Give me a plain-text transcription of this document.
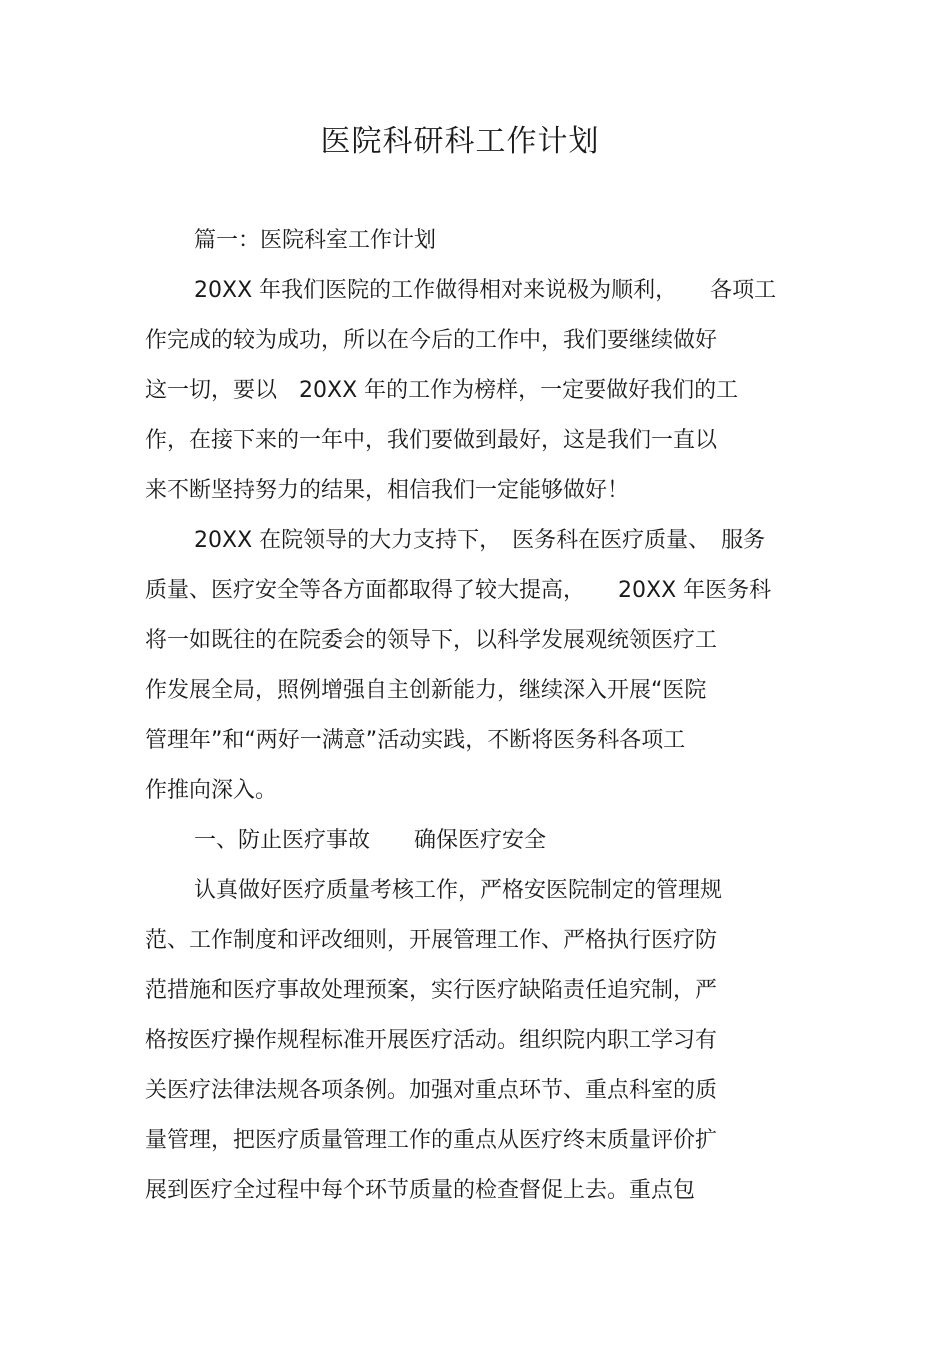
医院科研科工作计划

篇一：医院科室工作计划

20XX 年我们医院的工作做得相对来说极为顺利，　　各项工

作完成的较为成功，所以在今后的工作中，我们要继续做好

这一切，要以　20XX 年的工作为榜样，一定要做好我们的工

作，在接下来的一年中，我们要做到最好，这是我们一直以

来不断坚持努力的结果，相信我们一定能够做好！

20XX 在院领导的大力支持下，　医务科在医疗质量、　服务

质量、医疗安全等各方面都取得了较大提高，　　20XX 年医务科

将一如既往的在院委会的领导下，以科学发展观统领医疗工

作发展全局，照例增强自主创新能力，继续深入开展“医院

管理年”和“两好一满意”活动实践，不断将医务科各项工

作推向深入。

一、防止医疗事故　　确保医疗安全

认真做好医疗质量考核工作，严格安医院制定的管理规

范、工作制度和评改细则，开展管理工作、严格执行医疗防

范措施和医疗事故处理预案，实行医疗缺陷责任追究制，严

格按医疗操作规程标准开展医疗活动。组织院内职工学习有

关医疗法律法规各项条例。加强对重点环节、重点科室的质

量管理，把医疗质量管理工作的重点从医疗终末质量评价扩

展到医疗全过程中每个环节质量的检查督促上去。重点包
